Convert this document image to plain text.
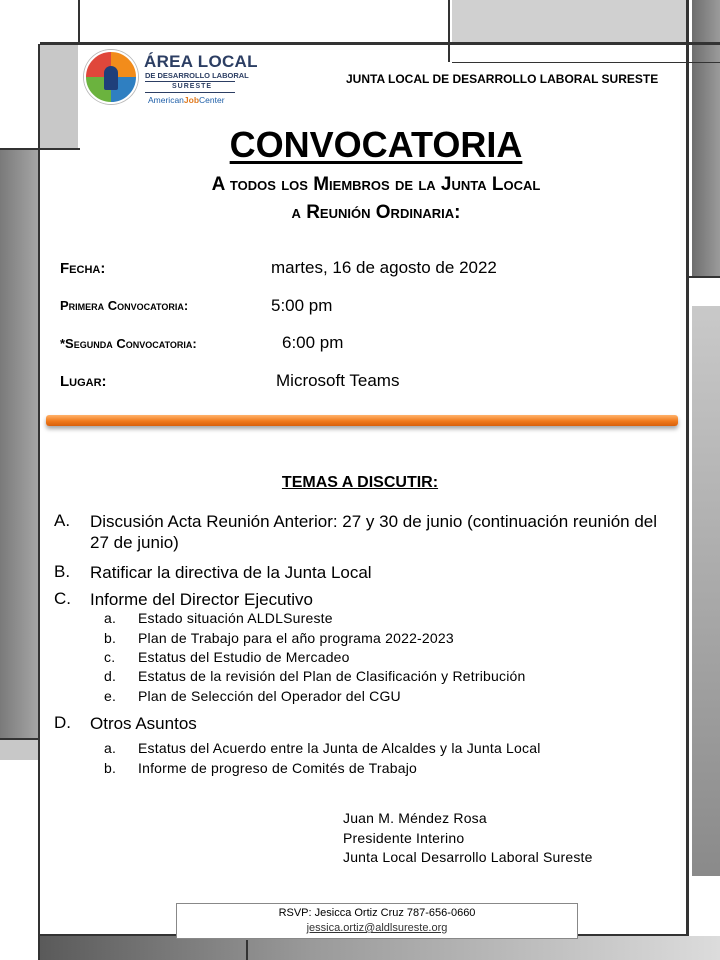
ÁREA LOCAL
DE DESARROLLO LABORAL
SURESTE
AmericanJobCenter
JUNTA LOCAL DE DESARROLLO LABORAL SURESTE
CONVOCATORIA
A todos los Miembros de la Junta Local
a Reunión Ordinaria:
Fecha:	martes, 16 de agosto de 2022
Primera Convocatoria:	5:00 pm
*Segunda Convocatoria:	6:00 pm
Lugar:	Microsoft Teams
TEMAS A DISCUTIR:
A.	Discusión Acta Reunión Anterior: 27 y 30 de junio (continuación reunión del 27 de junio)
B.	Ratificar la directiva de la Junta Local
C.	Informe del Director Ejecutivo
a. Estado situación ALDLSureste
b. Plan de Trabajo para el año programa 2022-2023
c. Estatus del Estudio de Mercadeo
d. Estatus de la revisión del Plan de Clasificación y Retribución
e. Plan de Selección del Operador del CGU
D.	Otros Asuntos
a. Estatus del Acuerdo entre la Junta de Alcaldes y la Junta Local
b. Informe de progreso de Comités de Trabajo
Juan M. Méndez Rosa
Presidente Interino
Junta Local Desarrollo Laboral Sureste
RSVP: Jesicca Ortiz Cruz 787-656-0660
jessica.ortiz@aldlsureste.org
